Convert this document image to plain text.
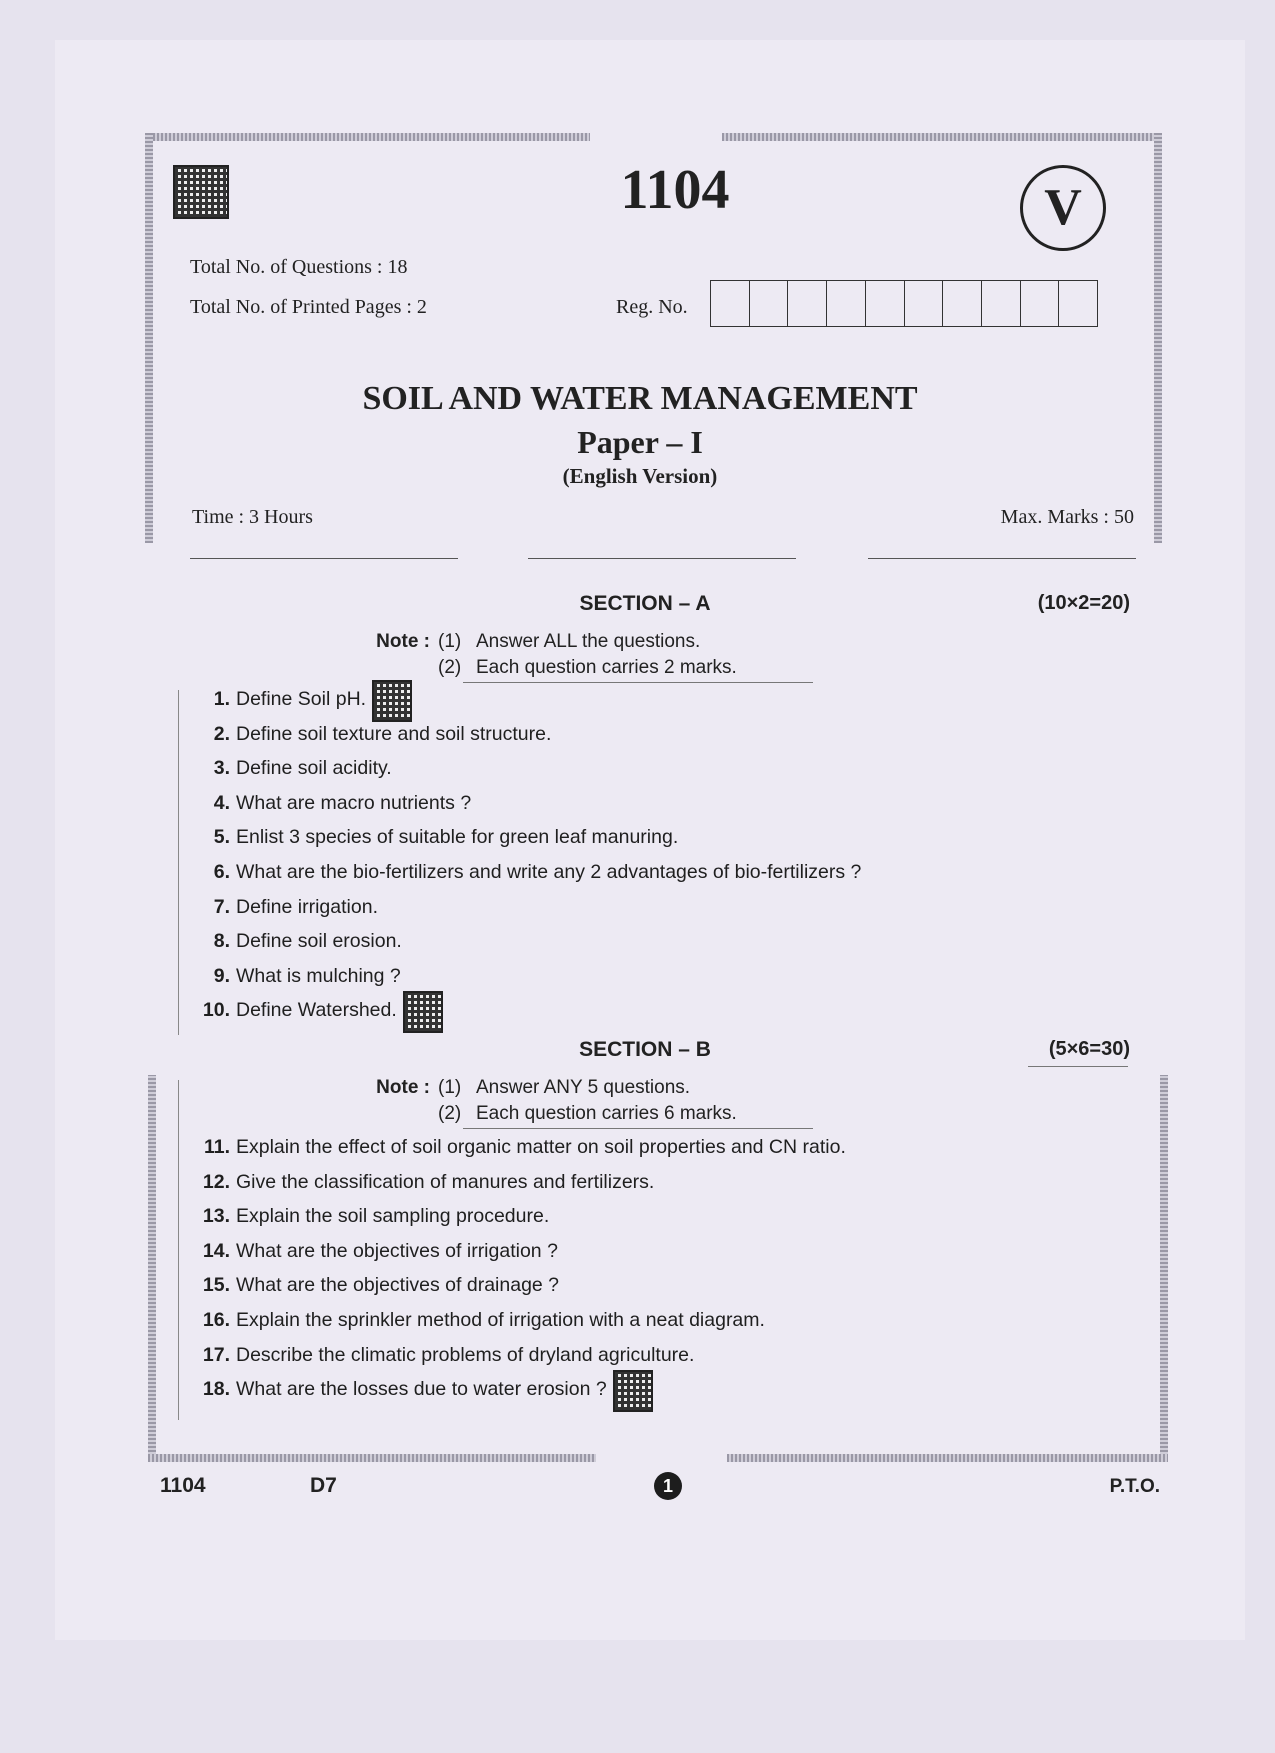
1104	V
Total No. of Questions : 18
Total No. of Printed Pages : 2	Reg. No.
SOIL AND WATER MANAGEMENT
Paper – I
(English Version)
Time : 3 Hours	Max. Marks : 50
SECTION – A	(10×2=20)
Note : (1) Answer ALL the questions.
(2) Each question carries 2 marks.
1. Define Soil pH.
2. Define soil texture and soil structure.
3. Define soil acidity.
4. What are macro nutrients ?
5. Enlist 3 species of suitable for green leaf manuring.
6. What are the bio-fertilizers and write any 2 advantages of bio-fertilizers ?
7. Define irrigation.
8. Define soil erosion.
9. What is mulching ?
10. Define Watershed.
SECTION – B	(5×6=30)
Note : (1) Answer ANY 5 questions.
(2) Each question carries 6 marks.
11. Explain the effect of soil organic matter on soil properties and CN ratio.
12. Give the classification of manures and fertilizers.
13. Explain the soil sampling procedure.
14. What are the objectives of irrigation ?
15. What are the objectives of drainage ?
16. Explain the sprinkler method of irrigation with a neat diagram.
17. Describe the climatic problems of dryland agriculture.
18. What are the losses due to water erosion ?
1104	D7	1	P.T.O.
